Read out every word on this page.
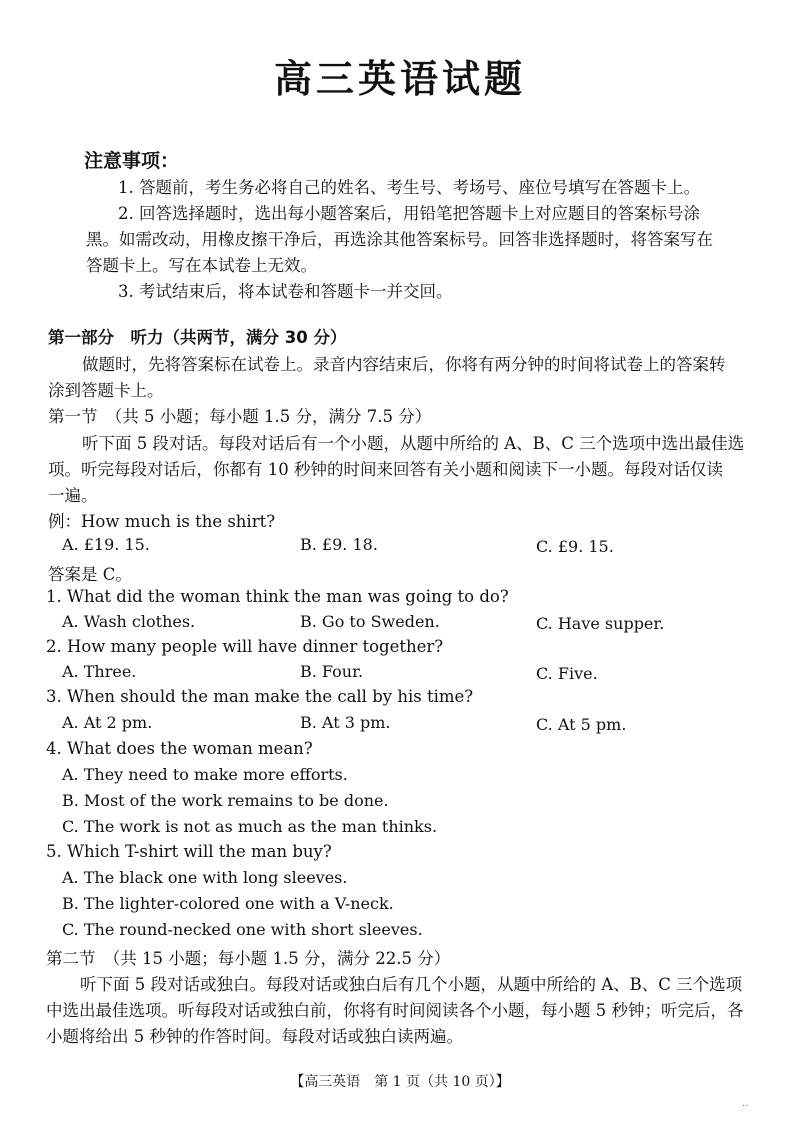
高三英语试题
注意事项：
1. 答题前，考生务必将自己的姓名、考生号、考场号、座位号填写在答题卡上。
2. 回答选择题时，选出每小题答案后，用铅笔把答题卡上对应题目的答案标号涂
黑。如需改动，用橡皮擦干净后，再选涂其他答案标号。回答非选择题时，将答案写在
答题卡上。写在本试卷上无效。
3. 考试结束后，将本试卷和答题卡一并交回。
第一部分　听力（共两节，满分 30 分）
做题时，先将答案标在试卷上。录音内容结束后，你将有两分钟的时间将试卷上的答案转
涂到答题卡上。
第一节　（共 5 小题；每小题 1.5 分，满分 7.5 分）
听下面 5 段对话。每段对话后有一个小题，从题中所给的 A、B、C 三个选项中选出最佳选
项。听完每段对话后，你都有 10 秒钟的时间来回答有关小题和阅读下一小题。每段对话仅读
一遍。
例：How much is the shirt?
A. £19. 15.	B. £9. 18.	C. £9. 15.
答案是 C。
1. What did the woman think the man was going to do?
A. Wash clothes.	B. Go to Sweden.	C. Have supper.
2. How many people will have dinner together?
A. Three.	B. Four.	C. Five.
3. When should the man make the call by his time?
A. At 2 pm.	B. At 3 pm.	C. At 5 pm.
4. What does the woman mean?
A. They need to make more efforts.
B. Most of the work remains to be done.
C. The work is not as much as the man thinks.
5. Which T-shirt will the man buy?
A. The black one with long sleeves.
B. The lighter-colored one with a V-neck.
C. The round-necked one with short sleeves.
第二节　（共 15 小题；每小题 1.5 分，满分 22.5 分）
听下面 5 段对话或独白。每段对话或独白后有几个小题，从题中所给的 A、B、C 三个选项
中选出最佳选项。听每段对话或独白前，你将有时间阅读各个小题，每小题 5 秒钟；听完后，各
小题将给出 5 秒钟的作答时间。每段对话或独白读两遍。
【高三英语　第 1 页（共 10 页）】
‥
